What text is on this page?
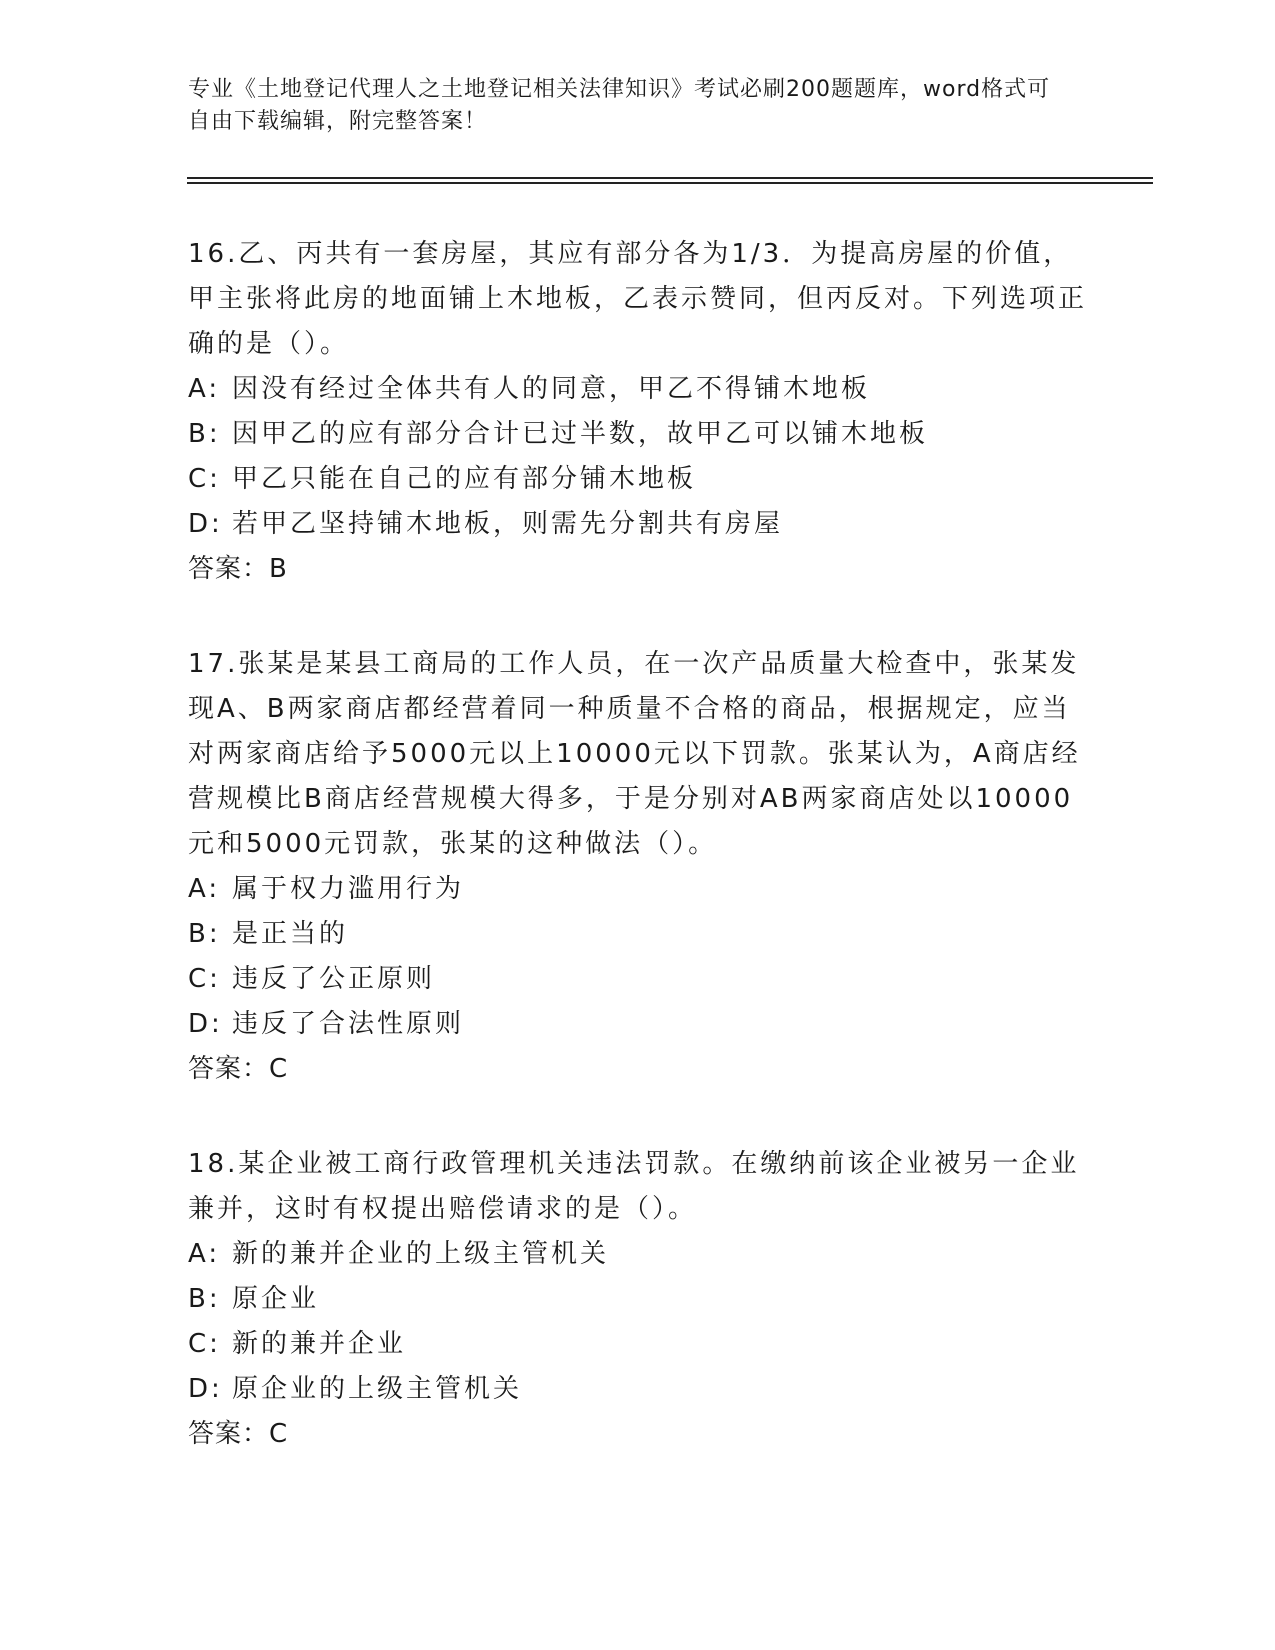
专业《土地登记代理人之土地登记相关法律知识》考试必刷200题题库，word格式可自由下载编辑，附完整答案！

16.乙、丙共有一套房屋，其应有部分各为1/3．为提高房屋的价值，甲主张将此房的地面铺上木地板，乙表示赞同，但丙反对。下列选项正确的是（）。

A: 因没有经过全体共有人的同意，甲乙不得铺木地板

B: 因甲乙的应有部分合计已过半数，故甲乙可以铺木地板

C: 甲乙只能在自己的应有部分铺木地板

D: 若甲乙坚持铺木地板，则需先分割共有房屋

答案：B

17.张某是某县工商局的工作人员，在一次产品质量大检查中，张某发现A、B两家商店都经营着同一种质量不合格的商品，根据规定，应当对两家商店给予5000元以上10000元以下罚款。张某认为，A商店经营规模比B商店经营规模大得多，于是分别对AB两家商店处以10000元和5000元罚款，张某的这种做法（）。

A: 属于权力滥用行为

B: 是正当的

C: 违反了公正原则

D: 违反了合法性原则

答案：C

18.某企业被工商行政管理机关违法罚款。在缴纳前该企业被另一企业兼并，这时有权提出赔偿请求的是（）。

A: 新的兼并企业的上级主管机关

B: 原企业

C: 新的兼并企业

D: 原企业的上级主管机关

答案：C
